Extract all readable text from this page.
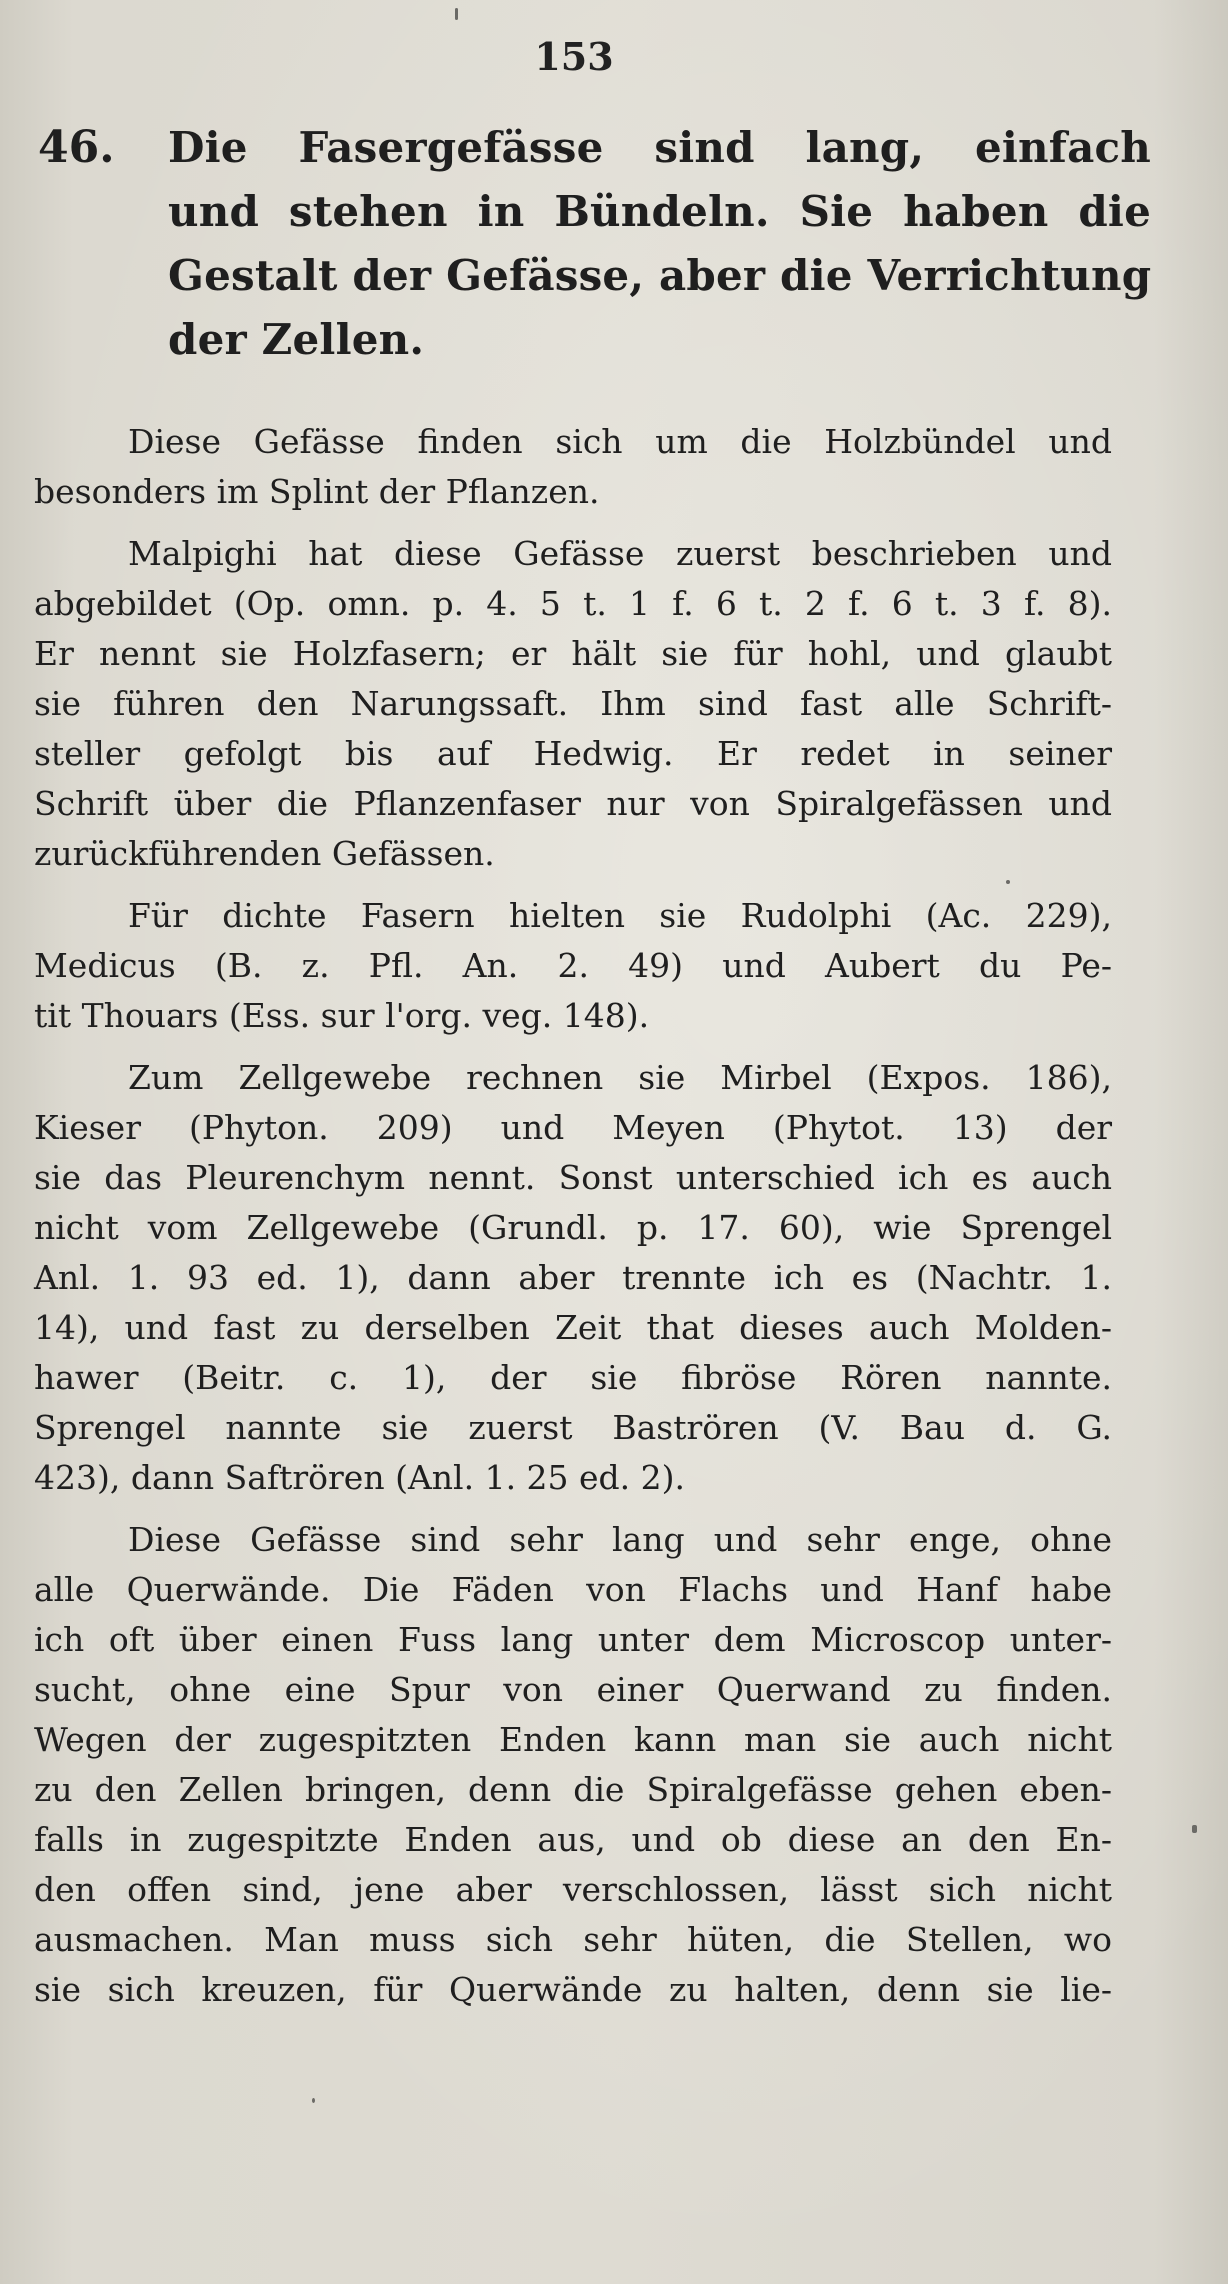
153
46. Die Fasergefässe sind lang, einfach
und stehen in Bündeln. Sie haben die
Gestalt der Gefässe, aber die Verrichtung
der Zellen.
Diese Gefässe finden sich um die Holzbündel und
besonders im Splint der Pflanzen.
Malpighi hat diese Gefässe zuerst beschrieben und
abgebildet (Op. omn. p. 4. 5 t. 1 f. 6 t. 2 f. 6 t. 3 f. 8).
Er nennt sie Holzfasern; er hält sie für hohl, und glaubt
sie führen den Narungssaft. Ihm sind fast alle Schrift-
steller gefolgt bis auf Hedwig. Er redet in seiner
Schrift über die Pflanzenfaser nur von Spiralgefässen und
zurückführenden Gefässen.
Für dichte Fasern hielten sie Rudolphi (Ac. 229),
Medicus (B. z. Pfl. An. 2. 49) und Aubert du Pe-
tit Thouars (Ess. sur l'org. veg. 148).
Zum Zellgewebe rechnen sie Mirbel (Expos. 186),
Kieser (Phyton. 209) und Meyen (Phytot. 13) der
sie das Pleurenchym nennt. Sonst unterschied ich es auch
nicht vom Zellgewebe (Grundl. p. 17. 60), wie Sprengel
Anl. 1. 93 ed. 1), dann aber trennte ich es (Nachtr. 1.
14), und fast zu derselben Zeit that dieses auch Molden-
hawer (Beitr. c. 1), der sie fibröse Rören nannte.
Sprengel nannte sie zuerst Baströren (V. Bau d. G.
423), dann Saftrören (Anl. 1. 25 ed. 2).
Diese Gefässe sind sehr lang und sehr enge, ohne
alle Querwände. Die Fäden von Flachs und Hanf habe
ich oft über einen Fuss lang unter dem Microscop unter-
sucht, ohne eine Spur von einer Querwand zu finden.
Wegen der zugespitzten Enden kann man sie auch nicht
zu den Zellen bringen, denn die Spiralgefässe gehen eben-
falls in zugespitzte Enden aus, und ob diese an den En-
den offen sind, jene aber verschlossen, lässt sich nicht
ausmachen. Man muss sich sehr hüten, die Stellen, wo
sie sich kreuzen, für Querwände zu halten, denn sie lie-
